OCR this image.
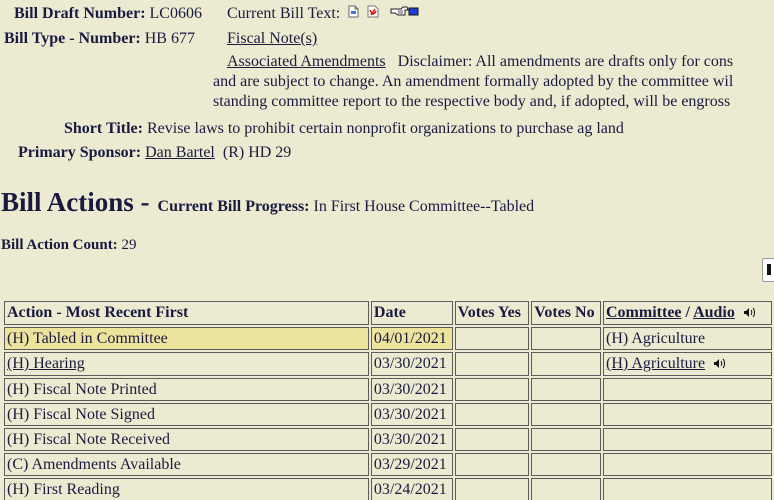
Bill Draft Number: LC0606 Current Bill Text:
Bill Type - Number: HB 677 Fiscal Note(s)
Associated Amendments Disclaimer: All amendments are drafts only for cons
and are subject to change. An amendment formally adopted by the committee wil
standing committee report to the respective body and, if adopted, will be engross
Short Title: Revise laws to prohibit certain nonprofit organizations to purchase ag land
Primary Sponsor: Dan Bartel (R) HD 29
Bill Actions - Current Bill Progress: In First House Committee--Tabled
Bill Action Count: 29
Action - Most Recent First	Date	Votes Yes	Votes No	Committee / Audio
(H) Tabled in Committee	04/01/2021			(H) Agriculture
(H) Hearing	03/30/2021			(H) Agriculture
(H) Fiscal Note Printed	03/30/2021			
(H) Fiscal Note Signed	03/30/2021			
(H) Fiscal Note Received	03/30/2021			
(C) Amendments Available	03/29/2021			
(H) First Reading	03/24/2021			
